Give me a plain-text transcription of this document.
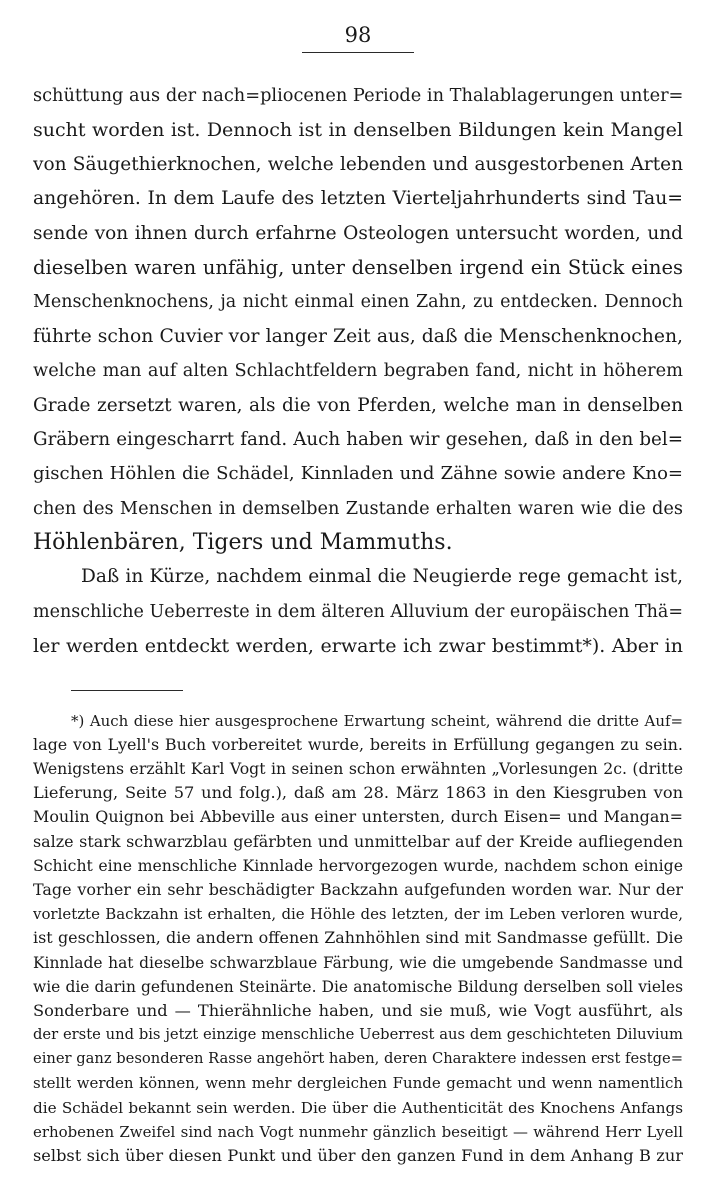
98
schüttung aus der nach=pliocenen Periode in Thalablagerungen unter=
sucht worden ist. Dennoch ist in denselben Bildungen kein Mangel
von Säugethierknochen, welche lebenden und ausgestorbenen Arten
angehören. In dem Laufe des letzten Vierteljahrhunderts sind Tau=
sende von ihnen durch erfahrne Osteologen untersucht worden, und
dieselben waren unfähig, unter denselben irgend ein Stück eines
Menschenknochens, ja nicht einmal einen Zahn, zu entdecken. Dennoch
führte schon Cuvier vor langer Zeit aus, daß die Menschenknochen,
welche man auf alten Schlachtfeldern begraben fand, nicht in höherem
Grade zersetzt waren, als die von Pferden, welche man in denselben
Gräbern eingescharrt fand. Auch haben wir gesehen, daß in den bel=
gischen Höhlen die Schädel, Kinnladen und Zähne sowie andere Kno=
chen des Menschen in demselben Zustande erhalten waren wie die des
Höhlenbären, Tigers und Mammuths.
Daß in Kürze, nachdem einmal die Neugierde rege gemacht ist,
menschliche Ueberreste in dem älteren Alluvium der europäischen Thä=
ler werden entdeckt werden, erwarte ich zwar bestimmt*). Aber in
*) Auch diese hier ausgesprochene Erwartung scheint, während die dritte Auf=
lage von Lyell's Buch vorbereitet wurde, bereits in Erfüllung gegangen zu sein.
Wenigstens erzählt Karl Vogt in seinen schon erwähnten „Vorlesungen 2c. (dritte
Lieferung, Seite 57 und folg.), daß am 28. März 1863 in den Kiesgruben von
Moulin Quignon bei Abbeville aus einer untersten, durch Eisen= und Mangan=
salze stark schwarzblau gefärbten und unmittelbar auf der Kreide aufliegenden
Schicht eine menschliche Kinnlade hervorgezogen wurde, nachdem schon einige
Tage vorher ein sehr beschädigter Backzahn aufgefunden worden war. Nur der
vorletzte Backzahn ist erhalten, die Höhle des letzten, der im Leben verloren wurde,
ist geschlossen, die andern offenen Zahnhöhlen sind mit Sandmasse gefüllt. Die
Kinnlade hat dieselbe schwarzblaue Färbung, wie die umgebende Sandmasse und
wie die darin gefundenen Steinärte. Die anatomische Bildung derselben soll vieles
Sonderbare und — Thierähnliche haben, und sie muß, wie Vogt ausführt, als
der erste und bis jetzt einzige menschliche Ueberrest aus dem geschichteten Diluvium
einer ganz besonderen Rasse angehört haben, deren Charaktere indessen erst festge=
stellt werden können, wenn mehr dergleichen Funde gemacht und wenn namentlich
die Schädel bekannt sein werden. Die über die Authenticität des Knochens Anfangs
erhobenen Zweifel sind nach Vogt nunmehr gänzlich beseitigt — während Herr Lyell
selbst sich über diesen Punkt und über den ganzen Fund in dem Anhang B zur
